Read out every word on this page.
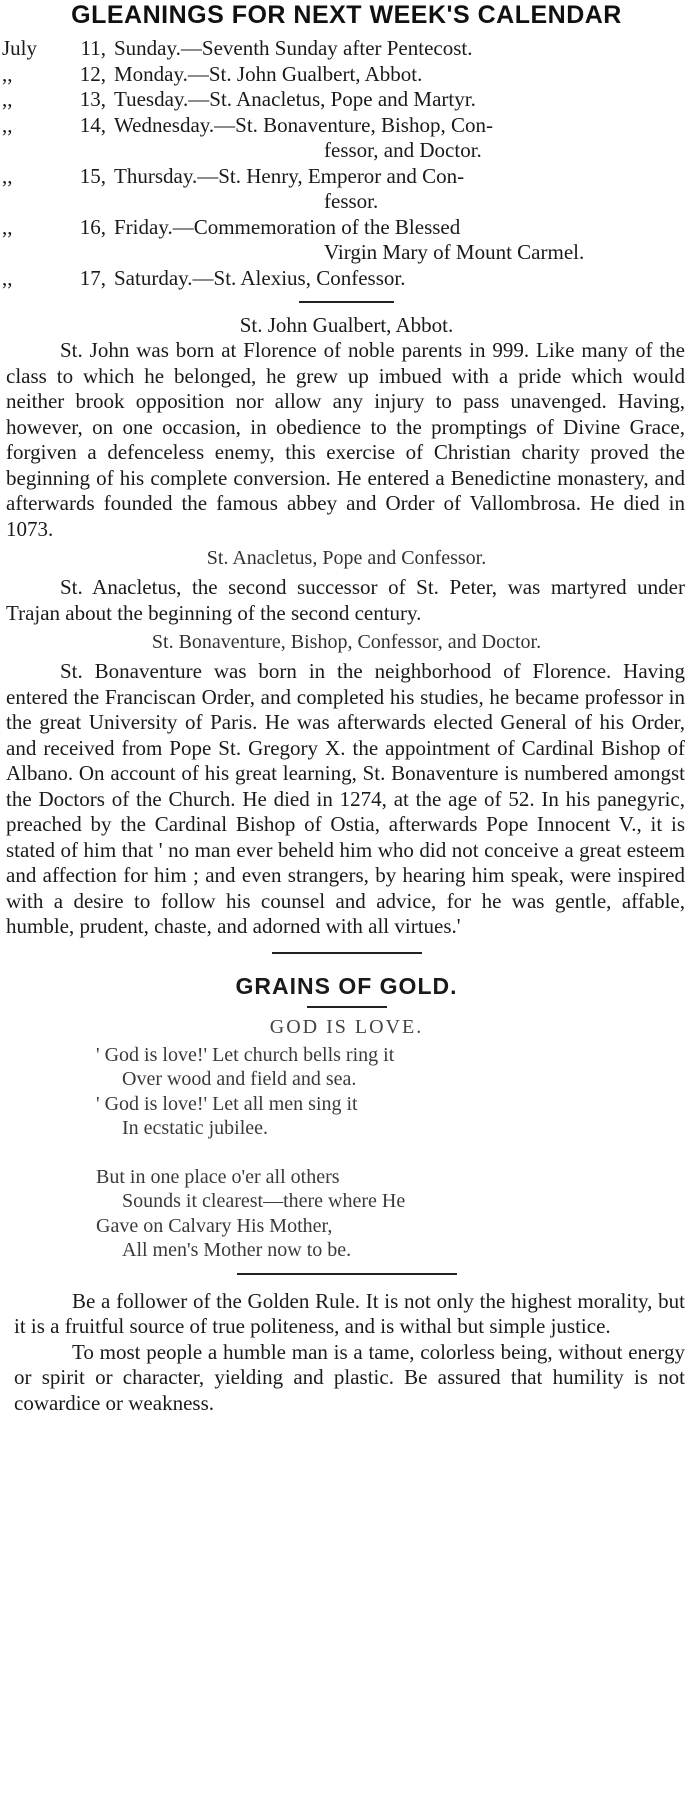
GLEANINGS FOR NEXT WEEK'S CALENDAR
July	11, Sunday.—Seventh Sunday after Pentecost.
,,	12, Monday.—St. John Gualbert, Abbot.
,,	13, Tuesday.—St. Anacletus, Pope and Martyr.
,,	14, Wednesday.—St. Bonaventure, Bishop, Con-
fessor, and Doctor.
,,	15, Thursday.—St. Henry, Emperor and Con-
fessor.
,,	16, Friday.—Commemoration of the Blessed
Virgin Mary of Mount Carmel.
,,	17, Saturday.—St. Alexius, Confessor.
St. John Gualbert, Abbot.

St. John was born at Florence of noble parents in 999. Like many of the class to which he belonged, he grew up imbued with a pride which would neither brook opposition nor allow any injury to pass unavenged. Having, however, on one occasion, in obedience to the promptings of Divine Grace, forgiven a defenceless enemy, this exercise of Christian charity proved the beginning of his complete conversion. He entered a Benedictine monastery, and afterwards founded the famous abbey and Order of Vallombrosa. He died in 1073.

St. Anacletus, Pope and Confessor.

St. Anacletus, the second successor of St. Peter, was martyred under Trajan about the beginning of the second century.

St. Bonaventure, Bishop, Confessor, and Doctor.

St. Bonaventure was born in the neighborhood of Florence. Having entered the Franciscan Order, and completed his studies, he became professor in the great University of Paris. He was afterwards elected General of his Order, and received from Pope St. Gregory X. the appointment of Cardinal Bishop of Albano. On account of his great learning, St. Bonaventure is numbered amongst the Doctors of the Church. He died in 1274, at the age of 52. In his panegyric, preached by the Cardinal Bishop of Ostia, afterwards Pope Innocent V., it is stated of him that ' no man ever beheld him who did not conceive a great esteem and affection for him ; and even strangers, by hearing him speak, were inspired with a desire to follow his counsel and advice, for he was gentle, affable, humble, prudent, chaste, and adorned with all virtues.'

GRAINS OF GOLD.
GOD IS LOVE.
' God is love!' Let church bells ring it
Over wood and field and sea.
' God is love!' Let all men sing it
In ecstatic jubilee.
But in one place o'er all others
Sounds it clearest—there where He
Gave on Calvary His Mother,
All men's Mother now to be.

Be a follower of the Golden Rule. It is not only the highest morality, but it is a fruitful source of true politeness, and is withal but simple justice.

To most people a humble man is a tame, colorless being, without energy or spirit or character, yielding and plastic. Be assured that humility is not cowardice or weakness.
